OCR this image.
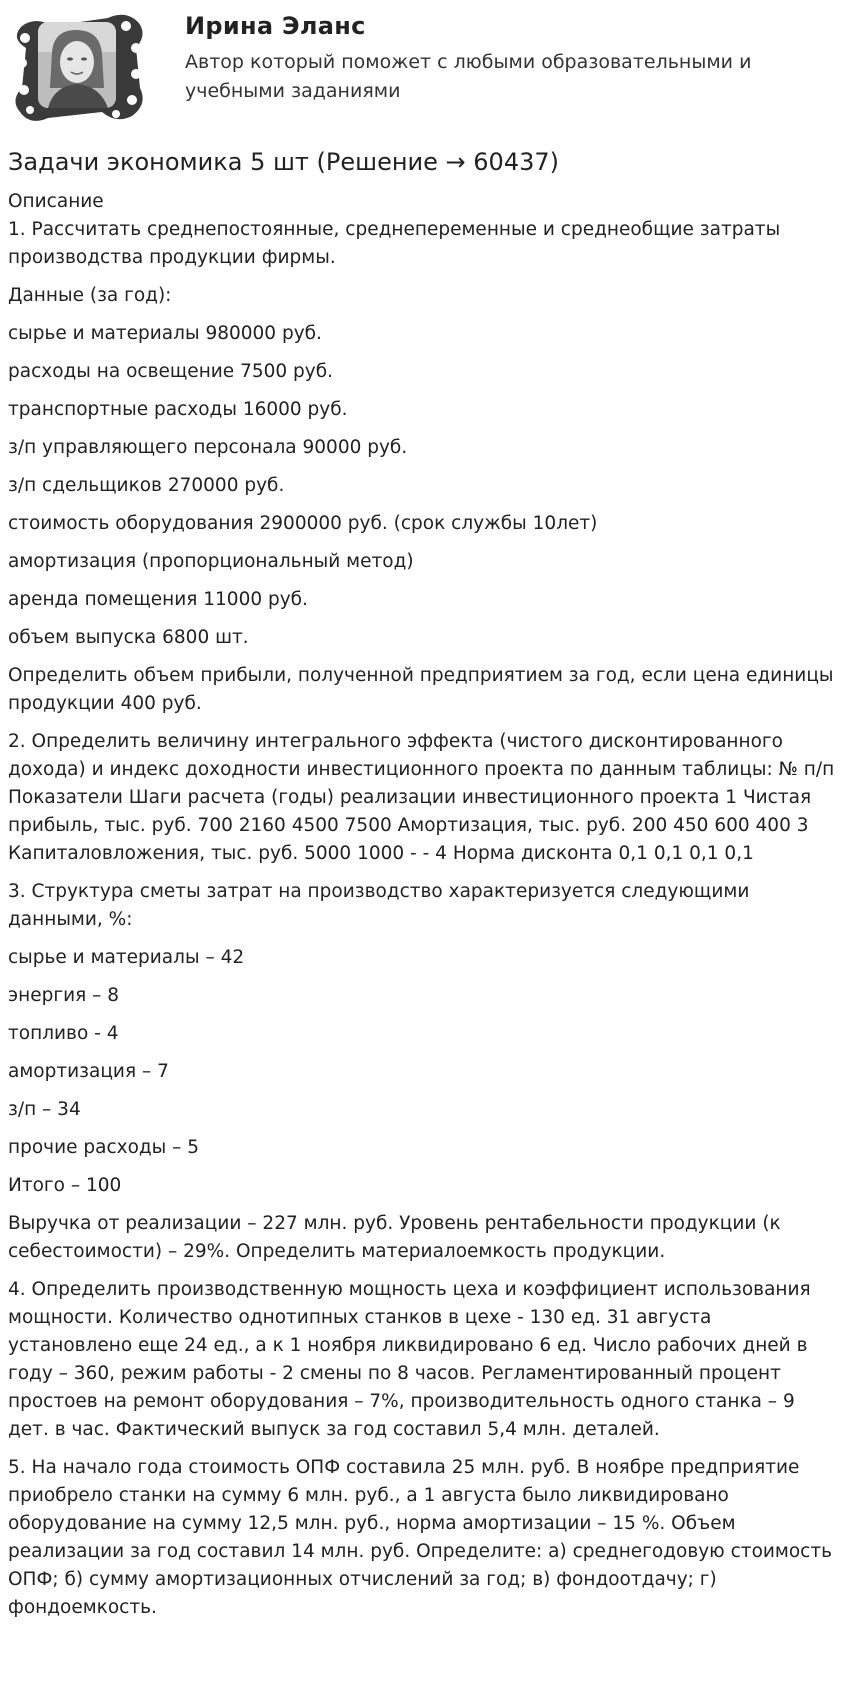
Ирина Эланс
Автор который поможет с любыми образовательными и учебными заданиями
Задачи экономика 5 шт (Решение → 60437)
Описание

1. Рассчитать среднепостоянные, среднепеременные и среднеобщие затраты производства продукции фирмы.

Данные (за год):

сырье и материалы 980000 руб.

расходы на освещение 7500 руб.

транспортные расходы 16000 руб.

з/п управляющего персонала 90000 руб.

з/п сдельщиков 270000 руб.

стоимость оборудования 2900000 руб. (срок службы 10лет)

амортизация (пропорциональный метод)

аренда помещения 11000 руб.

объем выпуска 6800 шт.

Определить объем прибыли, полученной предприятием за год, если цена единицы продукции 400 руб.

2. Определить величину интегрального эффекта (чистого дисконтированного дохода) и индекс доходности инвестиционного проекта по данным таблицы: № п/п Показатели Шаги расчета (годы) реализации инвестиционного проекта 1 Чистая прибыль, тыс. руб. 700 2160 4500 7500 Амортизация, тыс. руб. 200 450 600 400 3 Капиталовложения, тыс. руб. 5000 1000 - - 4 Норма дисконта 0,1 0,1 0,1 0,1

3. Структура сметы затрат на производство характеризуется следующими данными, %:

сырье и материалы – 42

энергия – 8

топливо - 4

амортизация – 7

з/п – 34

прочие расходы – 5

Итого – 100

Выручка от реализации – 227 млн. руб. Уровень рентабельности продукции (к себестоимости) – 29%. Определить материалоемкость продукции.

4. Определить производственную мощность цеха и коэффициент использования мощности. Количество однотипных станков в цехе - 130 ед. 31 августа установлено еще 24 ед., а к 1 ноября ликвидировано 6 ед. Число рабочих дней в году – 360, режим работы - 2 смены по 8 часов. Регламентированный процент простоев на ремонт оборудования – 7%, производительность одного станка – 9 дет. в час. Фактический выпуск за год составил 5,4 млн. деталей.

5. На начало года стоимость ОПФ составила 25 млн. руб. В ноябре предприятие приобрело станки на сумму 6 млн. руб., а 1 августа было ликвидировано оборудование на сумму 12,5 млн. руб., норма амортизации – 15 %. Объем реализации за год составил 14 млн. руб. Определите: а) среднегодовую стоимость ОПФ; б) сумму амортизационных отчислений за год; в) фондоотдачу; г) фондоемкость.
